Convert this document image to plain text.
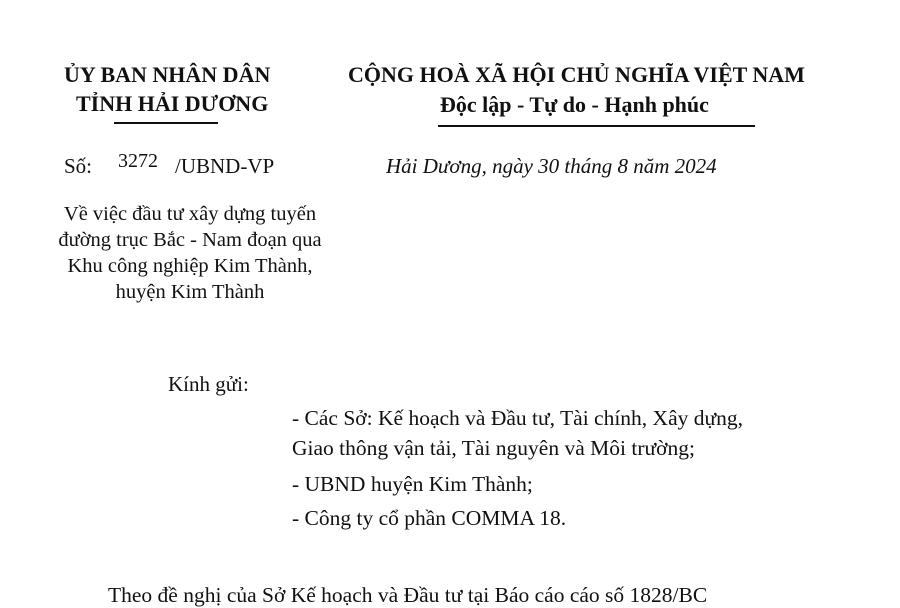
ỦY BAN NHÂN DÂN
TỈNH HẢI DƯƠNG
CỘNG HOÀ XÃ HỘI CHỦ NGHĨA VIỆT NAM
Độc lập - Tự do - Hạnh phúc
Số: 3272 /UBND-VP	Hải Dương, ngày 30 tháng 8 năm 2024
Về việc đầu tư xây dựng tuyến đường trục Bắc - Nam đoạn qua Khu công nghiệp Kim Thành, huyện Kim Thành
Kính gửi:
- Các Sở: Kế hoạch và Đầu tư, Tài chính, Xây dựng,
Giao thông vận tải, Tài nguyên và Môi trường;
- UBND huyện Kim Thành;
- Công ty cổ phần COMMA 18.
Theo đề nghị của Sở Kế hoạch và Đầu tư tại Báo cáo cáo số 1828/BC
